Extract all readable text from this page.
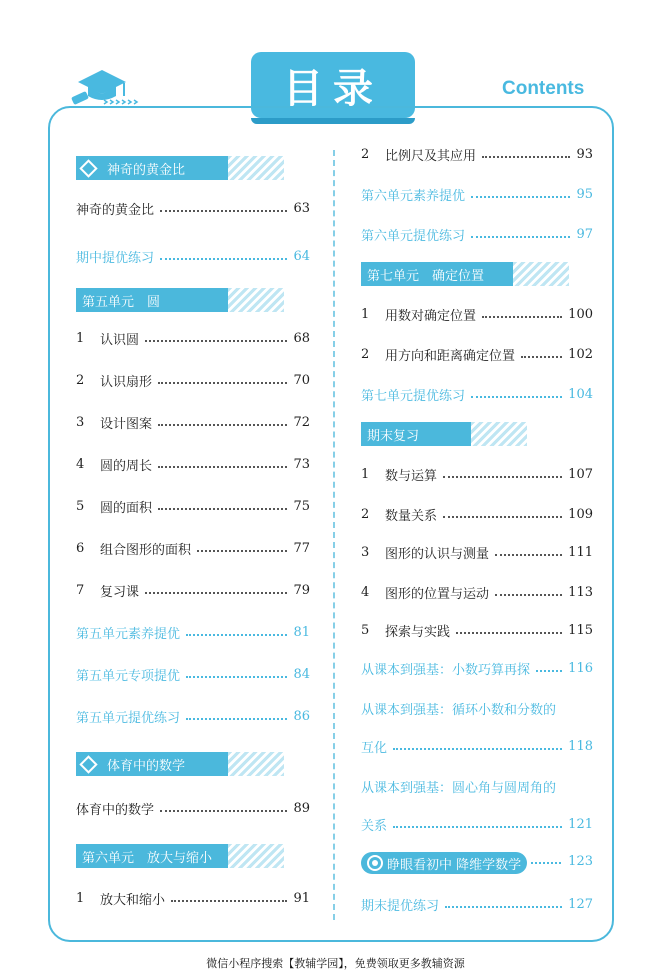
目录	Contents
神奇的黄金比
神奇的黄金比	63
期中提优练习	64
第五单元　圆
1	认识圆	68
2	认识扇形	70
3	设计图案	72
4	圆的周长	73
5	圆的面积	75
6	组合图形的面积	77
7	复习课	79
第五单元素养提优	81
第五单元专项提优	84
第五单元提优练习	86
体育中的数学
体育中的数学	89
第六单元　放大与缩小
1	放大和缩小	91
2	比例尺及其应用	93
第六单元素养提优	95
第六单元提优练习	97
第七单元　确定位置
1	用数对确定位置	100
2	用方向和距离确定位置	102
第七单元提优练习	104
期末复习
1	数与运算	107
2	数量关系	109
3	图形的认识与测量	111
4	图形的位置与运动	113
5	探索与实践	115
从课本到强基：小数巧算再探	116
从课本到强基：循环小数和分数的
互化	118
从课本到强基：圆心角与圆周角的
关系	121
睁眼看初中 降维学数学	123
期末提优练习	127
微信小程序搜索【教辅学园】，免费领取更多教辅资源
